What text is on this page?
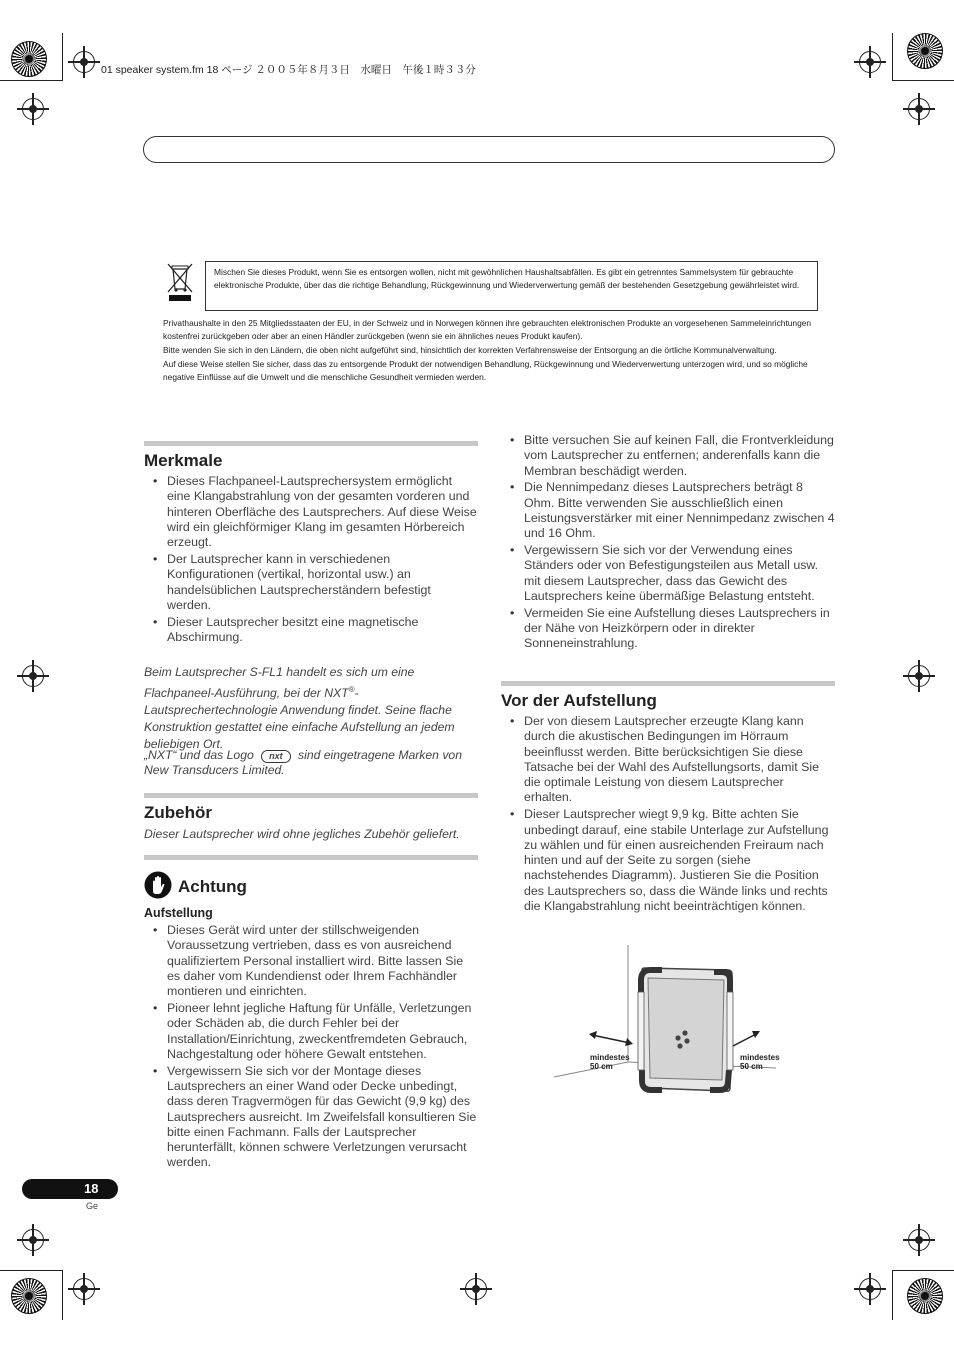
01 speaker system.fm 18 ページ ２００５年８月３日　水曜日　午後１時３３分
Mischen Sie dieses Produkt, wenn Sie es entsorgen wollen, nicht mit gewöhnlichen Haushaltsabfällen. Es gibt ein getrenntes Sammelsystem für gebrauchte elektronische Produkte, über das die richtige Behandlung, Rückgewinnung und Wiederverwertung gemäß der bestehenden Gesetzgebung gewährleistet wird.

Privathaushalte in den 25 Mitgliedsstaaten der EU, in der Schweiz und in Norwegen können ihre gebrauchten elektronischen Produkte an vorgesehenen Sammeleinrichtungen kostenfrei zurückgeben oder aber an einen Händler zurückgeben (wenn sie ein ähnliches neues Produkt kaufen).

Bitte wenden Sie sich in den Ländern, die oben nicht aufgeführt sind, hinsichtlich der korrekten Verfahrensweise der Entsorgung an die örtliche Kommunalverwaltung.

Auf diese Weise stellen Sie sicher, dass das zu entsorgende Produkt der notwendigen Behandlung, Rückgewinnung und Wiederverwertung unterzogen wird, und so mögliche negative Einflüsse auf die Umwelt und die menschliche Gesundheit vermieden werden.

Merkmale
• Dieses Flachpaneel-Lautsprechersystem ermöglicht eine Klangabstrahlung von der gesamten vorderen und hinteren Oberfläche des Lautsprechers. Auf diese Weise wird ein gleichförmiger Klang im gesamten Hörbereich erzeugt.
• Der Lautsprecher kann in verschiedenen Konfigurationen (vertikal, horizontal usw.) an handelsüblichen Lautsprecherständern befestigt werden.
• Dieser Lautsprecher besitzt eine magnetische Abschirmung.
Beim Lautsprecher S-FL1 handelt es sich um eine Flachpaneel-Ausführung, bei der NXT®-Lautsprechertechnologie Anwendung findet. Seine flache Konstruktion gestattet eine einfache Aufstellung an jedem beliebigen Ort.
„NXT“ und das Logo nxt sind eingetragene Marken von New Transducers Limited.
Zubehör
Dieser Lautsprecher wird ohne jegliches Zubehör geliefert.
Achtung
Aufstellung
• Dieses Gerät wird unter der stillschweigenden Voraussetzung vertrieben, dass es von ausreichend qualifiziertem Personal installiert wird. Bitte lassen Sie es daher vom Kundendienst oder Ihrem Fachhändler montieren und einrichten.
• Pioneer lehnt jegliche Haftung für Unfälle, Verletzungen oder Schäden ab, die durch Fehler bei der Installation/Einrichtung, zweckentfremdeten Gebrauch, Nachgestaltung oder höhere Gewalt entstehen.
• Vergewissern Sie sich vor der Montage dieses Lautsprechers an einer Wand oder Decke unbedingt, dass deren Tragvermögen für das Gewicht (9,9 kg) des Lautsprechers ausreicht. Im Zweifelsfall konsultieren Sie bitte einen Fachmann. Falls der Lautsprecher herunterfällt, können schwere Verletzungen verursacht werden.
• Bitte versuchen Sie auf keinen Fall, die Frontverkleidung vom Lautsprecher zu entfernen; anderenfalls kann die Membran beschädigt werden.
• Die Nennimpedanz dieses Lautsprechers beträgt 8 Ohm. Bitte verwenden Sie ausschließlich einen Leistungsverstärker mit einer Nennimpedanz zwischen 4 und 16 Ohm.
• Vergewissern Sie sich vor der Verwendung eines Ständers oder von Befestigungsteilen aus Metall usw. mit diesem Lautsprecher, dass das Gewicht des Lautsprechers keine übermäßige Belastung entsteht.
• Vermeiden Sie eine Aufstellung dieses Lautsprechers in der Nähe von Heizkörpern oder in direkter Sonneneinstrahlung.
Vor der Aufstellung
• Der von diesem Lautsprecher erzeugte Klang kann durch die akustischen Bedingungen im Hörraum beeinflusst werden. Bitte berücksichtigen Sie diese Tatsache bei der Wahl des Aufstellungsorts, damit Sie die optimale Leistung von diesem Lautsprecher erhalten.
• Dieser Lautsprecher wiegt 9,9 kg. Bitte achten Sie unbedingt darauf, eine stabile Unterlage zur Aufstellung zu wählen und für einen ausreichenden Freiraum nach hinten und auf der Seite zu sorgen (siehe nachstehendes Diagramm). Justieren Sie die Position des Lautsprechers so, dass die Wände links und rechts die Klangabstrahlung nicht beeinträchtigen können.
mindestes
50 cm
mindestes
50 cm
18
Ge
